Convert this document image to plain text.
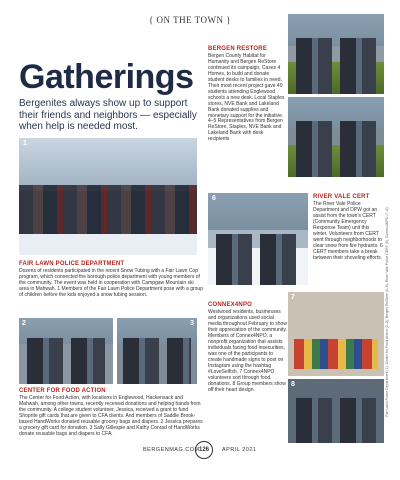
{ ON THE TOWN }
Gatherings
Bergenites always show up to support their friends and neighbors — especially when help is needed most.
1
FAIR LAWN POLICE DEPARTMENT
Dozens of residents participated in the recent Snow Tubing with a Fair Lawn Cop program, which connected the borough police department with young members of the community. The event was held in cooperation with Campgaw Mountain ski area in Mahwah. 1 Members of the Fair Lawn Police Department pose with a group of children before the kids enjoyed a snow tubing session.
2	3
CENTER FOR FOOD ACTION
The Center for Food Action, with locations in Englewood, Hackensack and Mahwah, among other towns, recently received donations and helping hands from the community. A college student volunteer, Jessica, received a grant to fund Shoprite gift cards that are given to CFA clients. And members of Saddle Brook-based HandWorks donated reusable grocery bags and diapers. 2 Jessica prepares a grocery gift card for donation. 3 Sally Gillespie and Kathy Conrad of HandWorks donate reusable bags and diapers to CFA.
BERGEN RESTORE
Bergen County Habitat for Humanity and Bergen ReStore continued its campaign, Cases 4 Homes, to build and donate student desks to families in need. Their most recent project gave 40 students attending Englewood schools a new desk. Local Staples stores, NVE Bank and Lakeland Bank donated supplies and monetary support for the initiative.
4–5 Representatives from Bergen ReStore, Staples, NVE Bank and Lakeland Bank with desk recipients
6	RIVER VALE CERT
The River Vale Police Department and DPW got an assist from the town's CERT (Community Emergency Response Team) unit this winter. Volunteers from CERT went through neighborhoods to clear snow from fire hydrants. 6 CERT members take a break between their shoveling efforts.
CONNEX4NPO
Westwood residents, businesses and organizations used social media throughout February to show their appreciation of the community. Members of Connex4NPO, a nonprofit organization that assists individuals facing food insecurities, was one of the participants to create handmade signs to post on Instagram using the hashtag #LoveSelfish. 7 Connex4NPO volunteers sort through food donations. 8 Group members show off their heart design.
7
8	Fair Lawn Police Department (1), Center for Food Action (2–3), Bergen ReStore (4–5), River Vale Police CERT (6), Connex4NPO (7–8)
BERGENMAG.COM 126	APRIL 2021
